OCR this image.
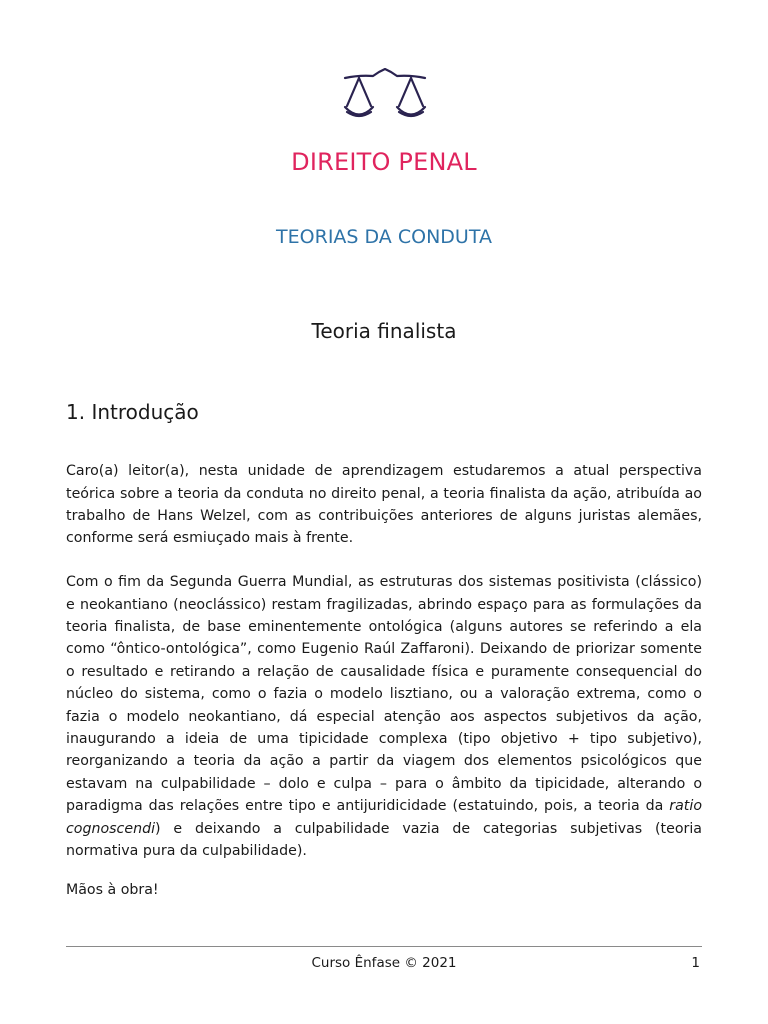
DIREITO PENAL
TEORIAS DA CONDUTA
Teoria finalista
1. Introdução

Caro(a) leitor(a), nesta unidade de aprendizagem estudaremos a atual perspectiva teórica sobre a teoria da conduta no direito penal, a teoria finalista da ação, atribuída ao trabalho de Hans Welzel, com as contribuições anteriores de alguns juristas alemães, conforme será esmiuçado mais à frente.

Com o fim da Segunda Guerra Mundial, as estruturas dos sistemas positivista (clássico) e neokantiano (neoclássico) restam fragilizadas, abrindo espaço para as formulações da teoria finalista, de base eminentemente ontológica (alguns autores se referindo a ela como “ôntico-ontológica”, como Eugenio Raúl Zaffaroni). Deixando de priorizar somente o resultado e retirando a relação de causalidade física e puramente consequencial do núcleo do sistema, como o fazia o modelo lisztiano, ou a valoração extrema, como o fazia o modelo neokantiano, dá especial atenção aos aspectos subjetivos da ação, inaugurando a ideia de uma tipicidade complexa (tipo objetivo + tipo subjetivo), reorganizando a teoria da ação a partir da viagem dos elementos psicológicos que estavam na culpabilidade – dolo e culpa – para o âmbito da tipicidade, alterando o paradigma das relações entre tipo e antijuridicidade (estatuindo, pois, a teoria da ratio cognoscendi) e deixando a culpabilidade vazia de categorias subjetivas (teoria normativa pura da culpabilidade).

Mãos à obra!

Curso Ênfase © 2021	1
